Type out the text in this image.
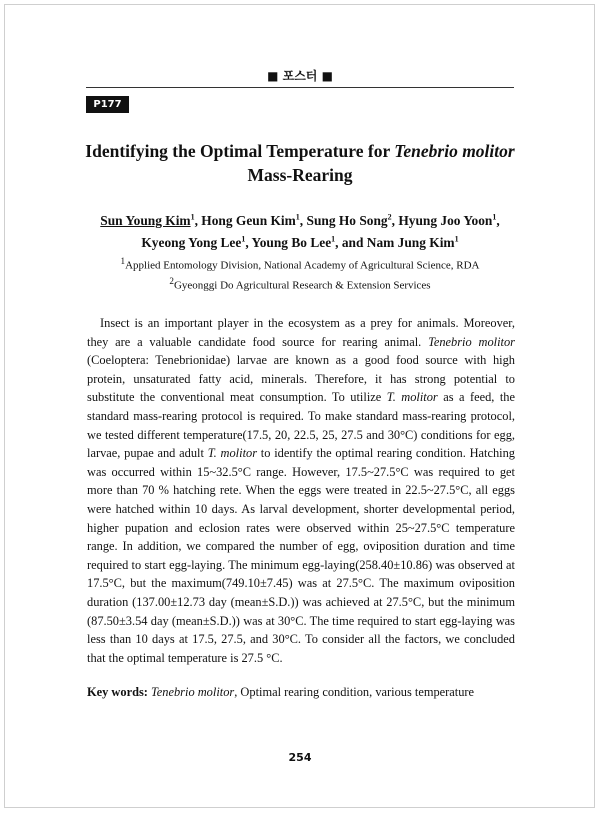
■ 포스터 ■
P177
Identifying the Optimal Temperature for Tenebrio molitor
Mass-Rearing
Sun Young Kim$^1$, Hong Geun Kim$^1$, Sung Ho Song$^2$, Hyung Joo Yoon$^1$,
Kyeong Yong Lee$^1$, Young Bo Lee$^1$, and Nam Jung Kim$^1$
$^1$Applied Entomology Division, National Academy of Agricultural Science, RDA
$^2$Gyeonggi Do Agricultural Research & Extension Services

Insect is an important player in the ecosystem as a prey for animals. Moreover, they are a valuable candidate food source for rearing animal. Tenebrio molitor (Coeloptera: Tenebrionidae) larvae are known as a good food source with high protein, unsaturated fatty acid, minerals. Therefore, it has strong potential to substitute the conventional meat consumption. To utilize T. molitor as a feed, the standard mass-rearing protocol is required. To make standard mass-rearing protocol, we tested different temperature(17.5, 20, 22.5, 25, 27.5 and 30°C) conditions for egg, larvae, pupae and adult T. molitor to identify the optimal rearing condition. Hatching was occurred within 15~32.5°C range. However, 17.5~27.5°C was required to get more than 70 % hatching rete. When the eggs were treated in 22.5~27.5°C, all eggs were hatched within 10 days. As larval development, shorter developmental period, higher pupation and eclosion rates were observed within 25~27.5°C temperature range. In addition, we compared the number of egg, oviposition duration and time required to start egg-laying. The minimum egg-laying(258.40±10.86) was observed at 17.5°C, but the maximum(749.10±7.45) was at 27.5°C. The maximum oviposition duration (137.00±12.73 day (mean±S.D.)) was achieved at 27.5°C, but the minimum (87.50±3.54 day (mean±S.D.)) was at 30°C. The time required to start egg-laying was less than 10 days at 17.5, 27.5, and 30°C. To consider all the factors, we concluded that the optimal temperature is 27.5 °C.

Key words: Tenebrio molitor, Optimal rearing condition, various temperature
254
